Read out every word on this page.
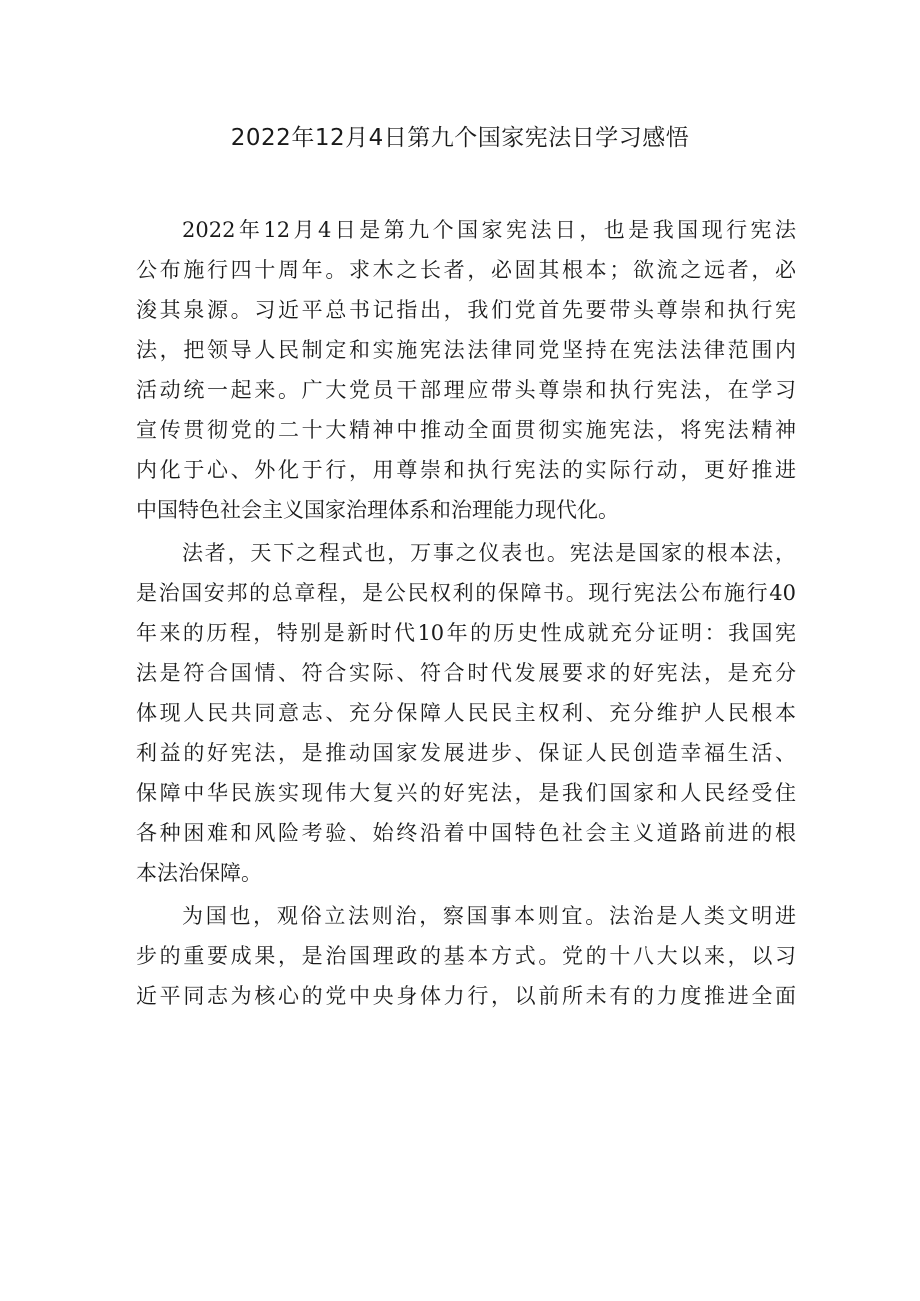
2022年12月4日第九个国家宪法日学习感悟
2022年12月4日是第九个国家宪法日，也是我国现行宪法
公布施行四十周年。求木之长者，必固其根本；欲流之远者，必
浚其泉源。习近平总书记指出，我们党首先要带头尊崇和执行宪
法，把领导人民制定和实施宪法法律同党坚持在宪法法律范围内
活动统一起来。广大党员干部理应带头尊崇和执行宪法，在学习
宣传贯彻党的二十大精神中推动全面贯彻实施宪法，将宪法精神
内化于心、外化于行，用尊崇和执行宪法的实际行动，更好推进
中国特色社会主义国家治理体系和治理能力现代化。
法者，天下之程式也，万事之仪表也。宪法是国家的根本法，
是治国安邦的总章程，是公民权利的保障书。现行宪法公布施行40
年来的历程，特别是新时代10年的历史性成就充分证明：我国宪
法是符合国情、符合实际、符合时代发展要求的好宪法，是充分
体现人民共同意志、充分保障人民民主权利、充分维护人民根本
利益的好宪法，是推动国家发展进步、保证人民创造幸福生活、
保障中华民族实现伟大复兴的好宪法，是我们国家和人民经受住
各种困难和风险考验、始终沿着中国特色社会主义道路前进的根
本法治保障。
为国也，观俗立法则治，察国事本则宜。法治是人类文明进
步的重要成果，是治国理政的基本方式。党的十八大以来，以习
近平同志为核心的党中央身体力行，以前所未有的力度推进全面
